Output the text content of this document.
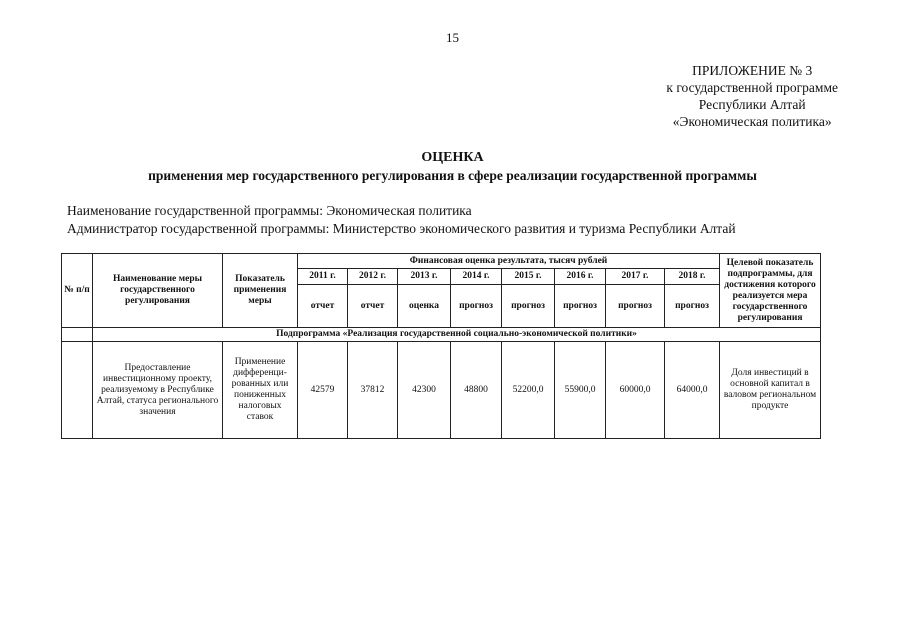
15
ПРИЛОЖЕНИЕ № 3
к государственной программе
Республики Алтай
«Экономическая политика»
ОЦЕНКА
применения мер государственного регулирования в сфере реализации государственной программы
Наименование государственной программы: Экономическая политика
Администратор государственной программы: Министерство экономического развития и туризма Республики Алтай
№ п/п	Наименование меры государственного регулирования	Показатель применения меры	Финансовая оценка результата, тысяч рублей								Целевой показатель подпрограммы, для достижения которого реализуется мера государственного регулирования
			2011 г.	2012 г.	2013 г.	2014 г.	2015 г.	2016 г.	2017 г.	2018 г.	
			отчет	отчет	оценка	прогноз	прогноз	прогноз	прогноз	прогноз	
	Подпрограмма «Реализация государственной социально-экономической политики»										
	Предоставление инвестиционному проекту, реализуемому в Республике Алтай, статуса регионального значения	Применение дифференци-рованных или пониженных налоговых ставок	42579	37812	42300	48800	52200,0	55900,0	60000,0	64000,0	Доля инвестиций в основной капитал в валовом региональном продукте
